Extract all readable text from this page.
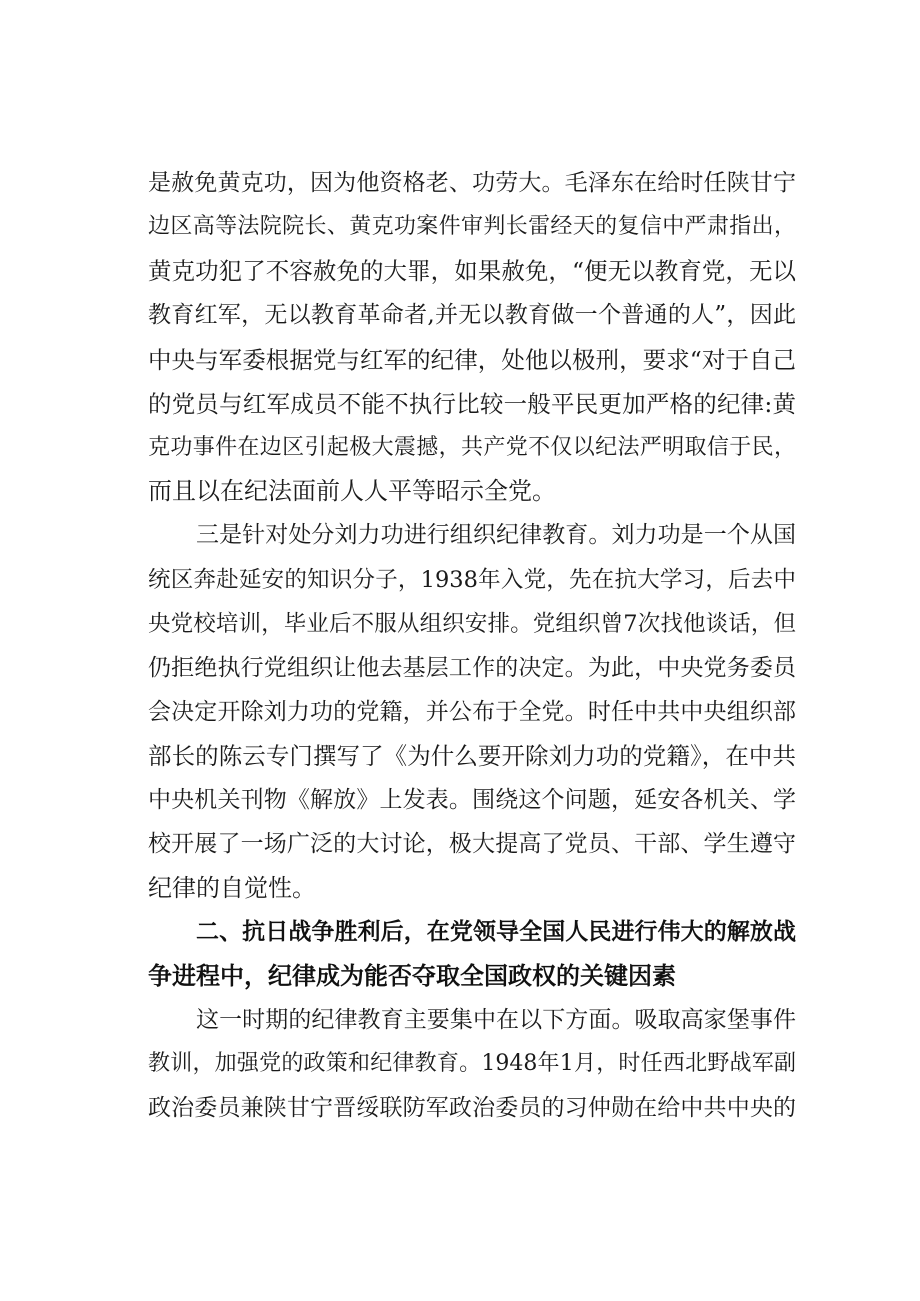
是赦免黄克功，因为他资格老、功劳大。毛泽东在给时任陕甘宁
边区高等法院院长、黄克功案件审判长雷经天的复信中严肃指出，
黄克功犯了不容赦免的大罪，如果赦免，“便无以教育党，无以
教育红军，无以教育革命者,并无以教育做一个普通的人”，因此
中央与军委根据党与红军的纪律，处他以极刑，要求“对于自己
的党员与红军成员不能不执行比较一般平民更加严格的纪律:黄
克功事件在边区引起极大震撼，共产党不仅以纪法严明取信于民，
而且以在纪法面前人人平等昭示全党。
三是针对处分刘力功进行组织纪律教育。刘力功是一个从国
统区奔赴延安的知识分子，1938年入党，先在抗大学习，后去中
央党校培训，毕业后不服从组织安排。党组织曾7次找他谈话，但
仍拒绝执行党组织让他去基层工作的决定。为此，中央党务委员
会决定开除刘力功的党籍，并公布于全党。时任中共中央组织部
部长的陈云专门撰写了《为什么要开除刘力功的党籍》，在中共
中央机关刊物《解放》上发表。围绕这个问题，延安各机关、学
校开展了一场广泛的大讨论，极大提高了党员、干部、学生遵守
纪律的自觉性。
二、抗日战争胜利后，在党领导全国人民进行伟大的解放战
争进程中，纪律成为能否夺取全国政权的关键因素
这一时期的纪律教育主要集中在以下方面。吸取高家堡事件
教训，加强党的政策和纪律教育。1948年1月，时任西北野战军副
政治委员兼陕甘宁晋绥联防军政治委员的习仲勋在给中共中央的
